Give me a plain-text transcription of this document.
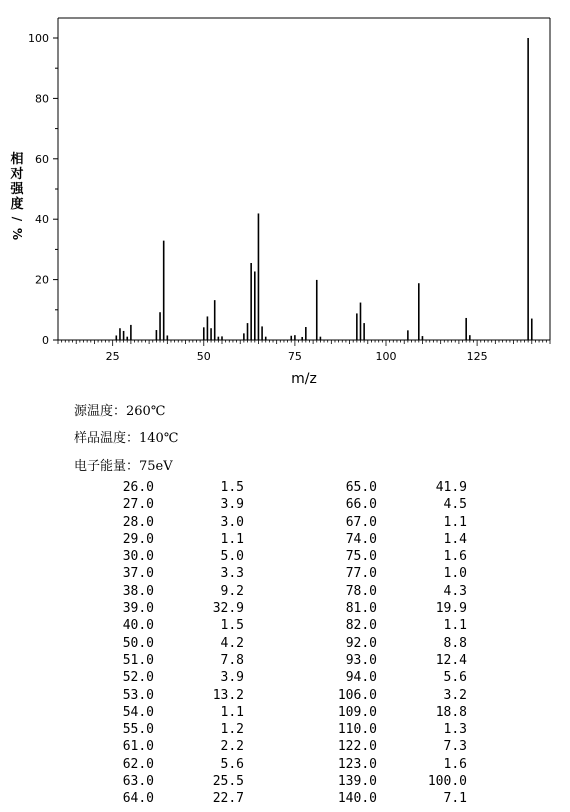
0
20
40
60
80
100
25	50	75	100	125
m/z
相
对
强
度
/
%
源温度：260℃
样品温度：140℃
电子能量：75eV
26.0	1.5	65.0	41.9
27.0	3.9	66.0	4.5
28.0	3.0	67.0	1.1
29.0	1.1	74.0	1.4
30.0	5.0	75.0	1.6
37.0	3.3	77.0	1.0
38.0	9.2	78.0	4.3
39.0	32.9	81.0	19.9
40.0	1.5	82.0	1.1
50.0	4.2	92.0	8.8
51.0	7.8	93.0	12.4
52.0	3.9	94.0	5.6
53.0	13.2	106.0	3.2
54.0	1.1	109.0	18.8
55.0	1.2	110.0	1.3
61.0	2.2	122.0	7.3
62.0	5.6	123.0	1.6
63.0	25.5	139.0	100.0
64.0	22.7	140.0	7.1
